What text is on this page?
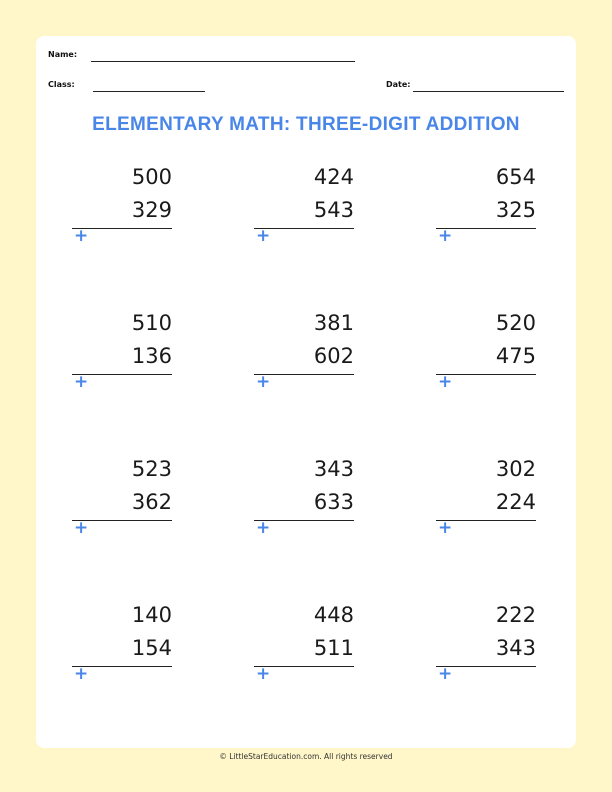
Name:
Class:	Date:
ELEMENTARY MATH: THREE-DIGIT ADDITION
500
329
+
424
543
+
654
325
+
510
136
+
381
602
+
520
475
+
523
362
+
343
633
+
302
224
+
140
154
+
448
511
+
222
343
+
© LittleStarEducation.com. All rights reserved
